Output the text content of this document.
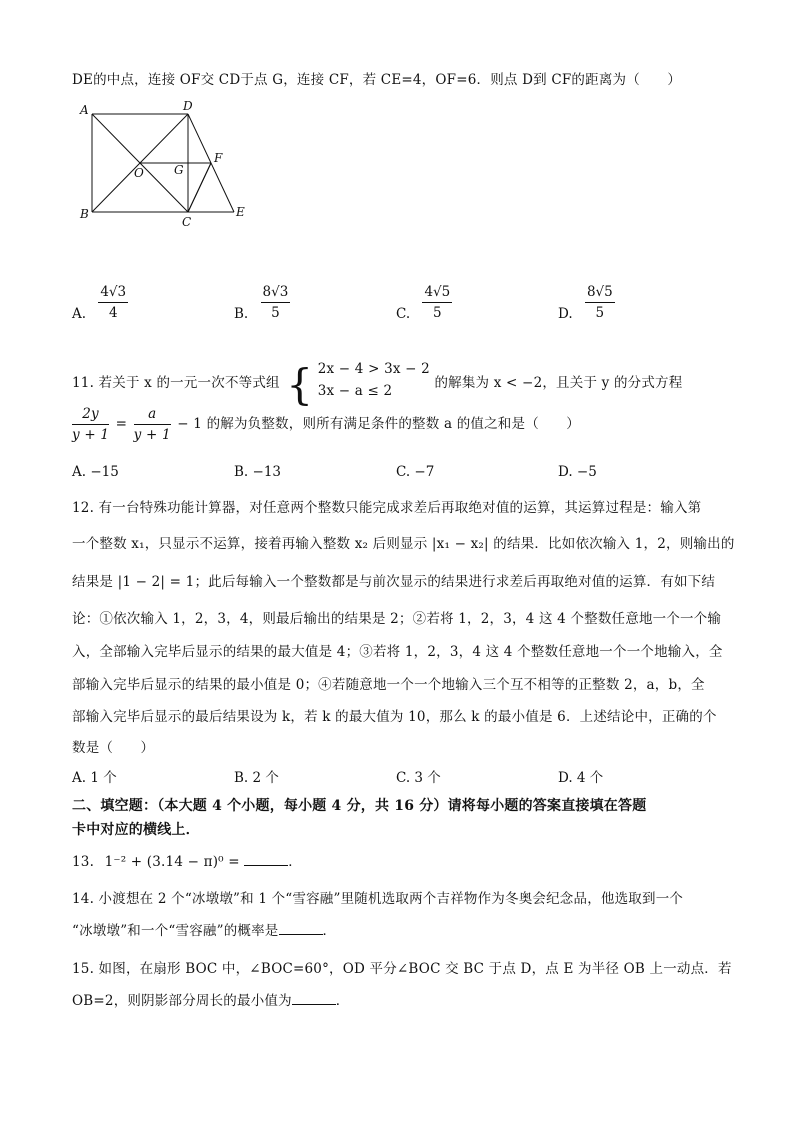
DE的中点，连接 OF交 CD于点 G，连接 CF，若 CE=4，OF=6．则点 D到 CF的距离为（　　）
A	D
O	G
F
B
C
E
A. $\frac{4√3}{4}$	B. $\frac{8√3}{5}$	C. $\frac{4√5}{5}$	D. $\frac{8√5}{5}$
11. 若关于 x 的一元一次不等式组 { 2x − 4 > 3x − 2
3x − a ≤ 2	的解集为 x < −2，且关于 y 的分式方程
$\frac{2y}{y + 1} = \frac{a}{y + 1} - 1$ 的解为负整数，则所有满足条件的整数 a 的值之和是（　　）
A. −15	B. −13	C. −7	D. −5
12. 有一台特殊功能计算器，对任意两个整数只能完成求差后再取绝对值的运算，其运算过程是：输入第
一个整数 x₁，只显示不运算，接着再输入整数 x₂ 后则显示 |x₁ − x₂| 的结果．比如依次输入 1，2，则输出的
结果是 |1 − 2| = 1；此后每输入一个整数都是与前次显示的结果进行求差后再取绝对值的运算．有如下结
论：①依次输入 1，2，3，4，则最后输出的结果是 2；②若将 1，2，3，4 这 4 个整数任意地一个一个输
入，全部输入完毕后显示的结果的最大值是 4；③若将 1，2，3，4 这 4 个整数任意地一个一个地输入，全
部输入完毕后显示的结果的最小值是 0；④若随意地一个一个地输入三个互不相等的正整数 2，a，b，全
部输入完毕后显示的最后结果设为 k，若 k 的最大值为 10，那么 k 的最小值是 6．上述结论中，正确的个
数是（　　）
A. 1 个	B. 2 个	C. 3 个	D. 4 个
二、填空题：（本大题 4 个小题，每小题 4 分，共 16 分）请将每小题的答案直接填在答题
卡中对应的横线上．
13. 1⁻² + (3.14 − π)⁰ =	．
14. 小渡想在 2 个“冰墩墩”和 1 个“雪容融”里随机选取两个吉祥物作为冬奥会纪念品，他选取到一个
“冰墩墩”和一个“雪容融”的概率是	．
15. 如图，在扇形 BOC 中，∠BOC=60°，OD 平分∠BOC 交 BC 于点 D，点 E 为半径 OB 上一动点．若
OB=2，则阴影部分周长的最小值为	．
